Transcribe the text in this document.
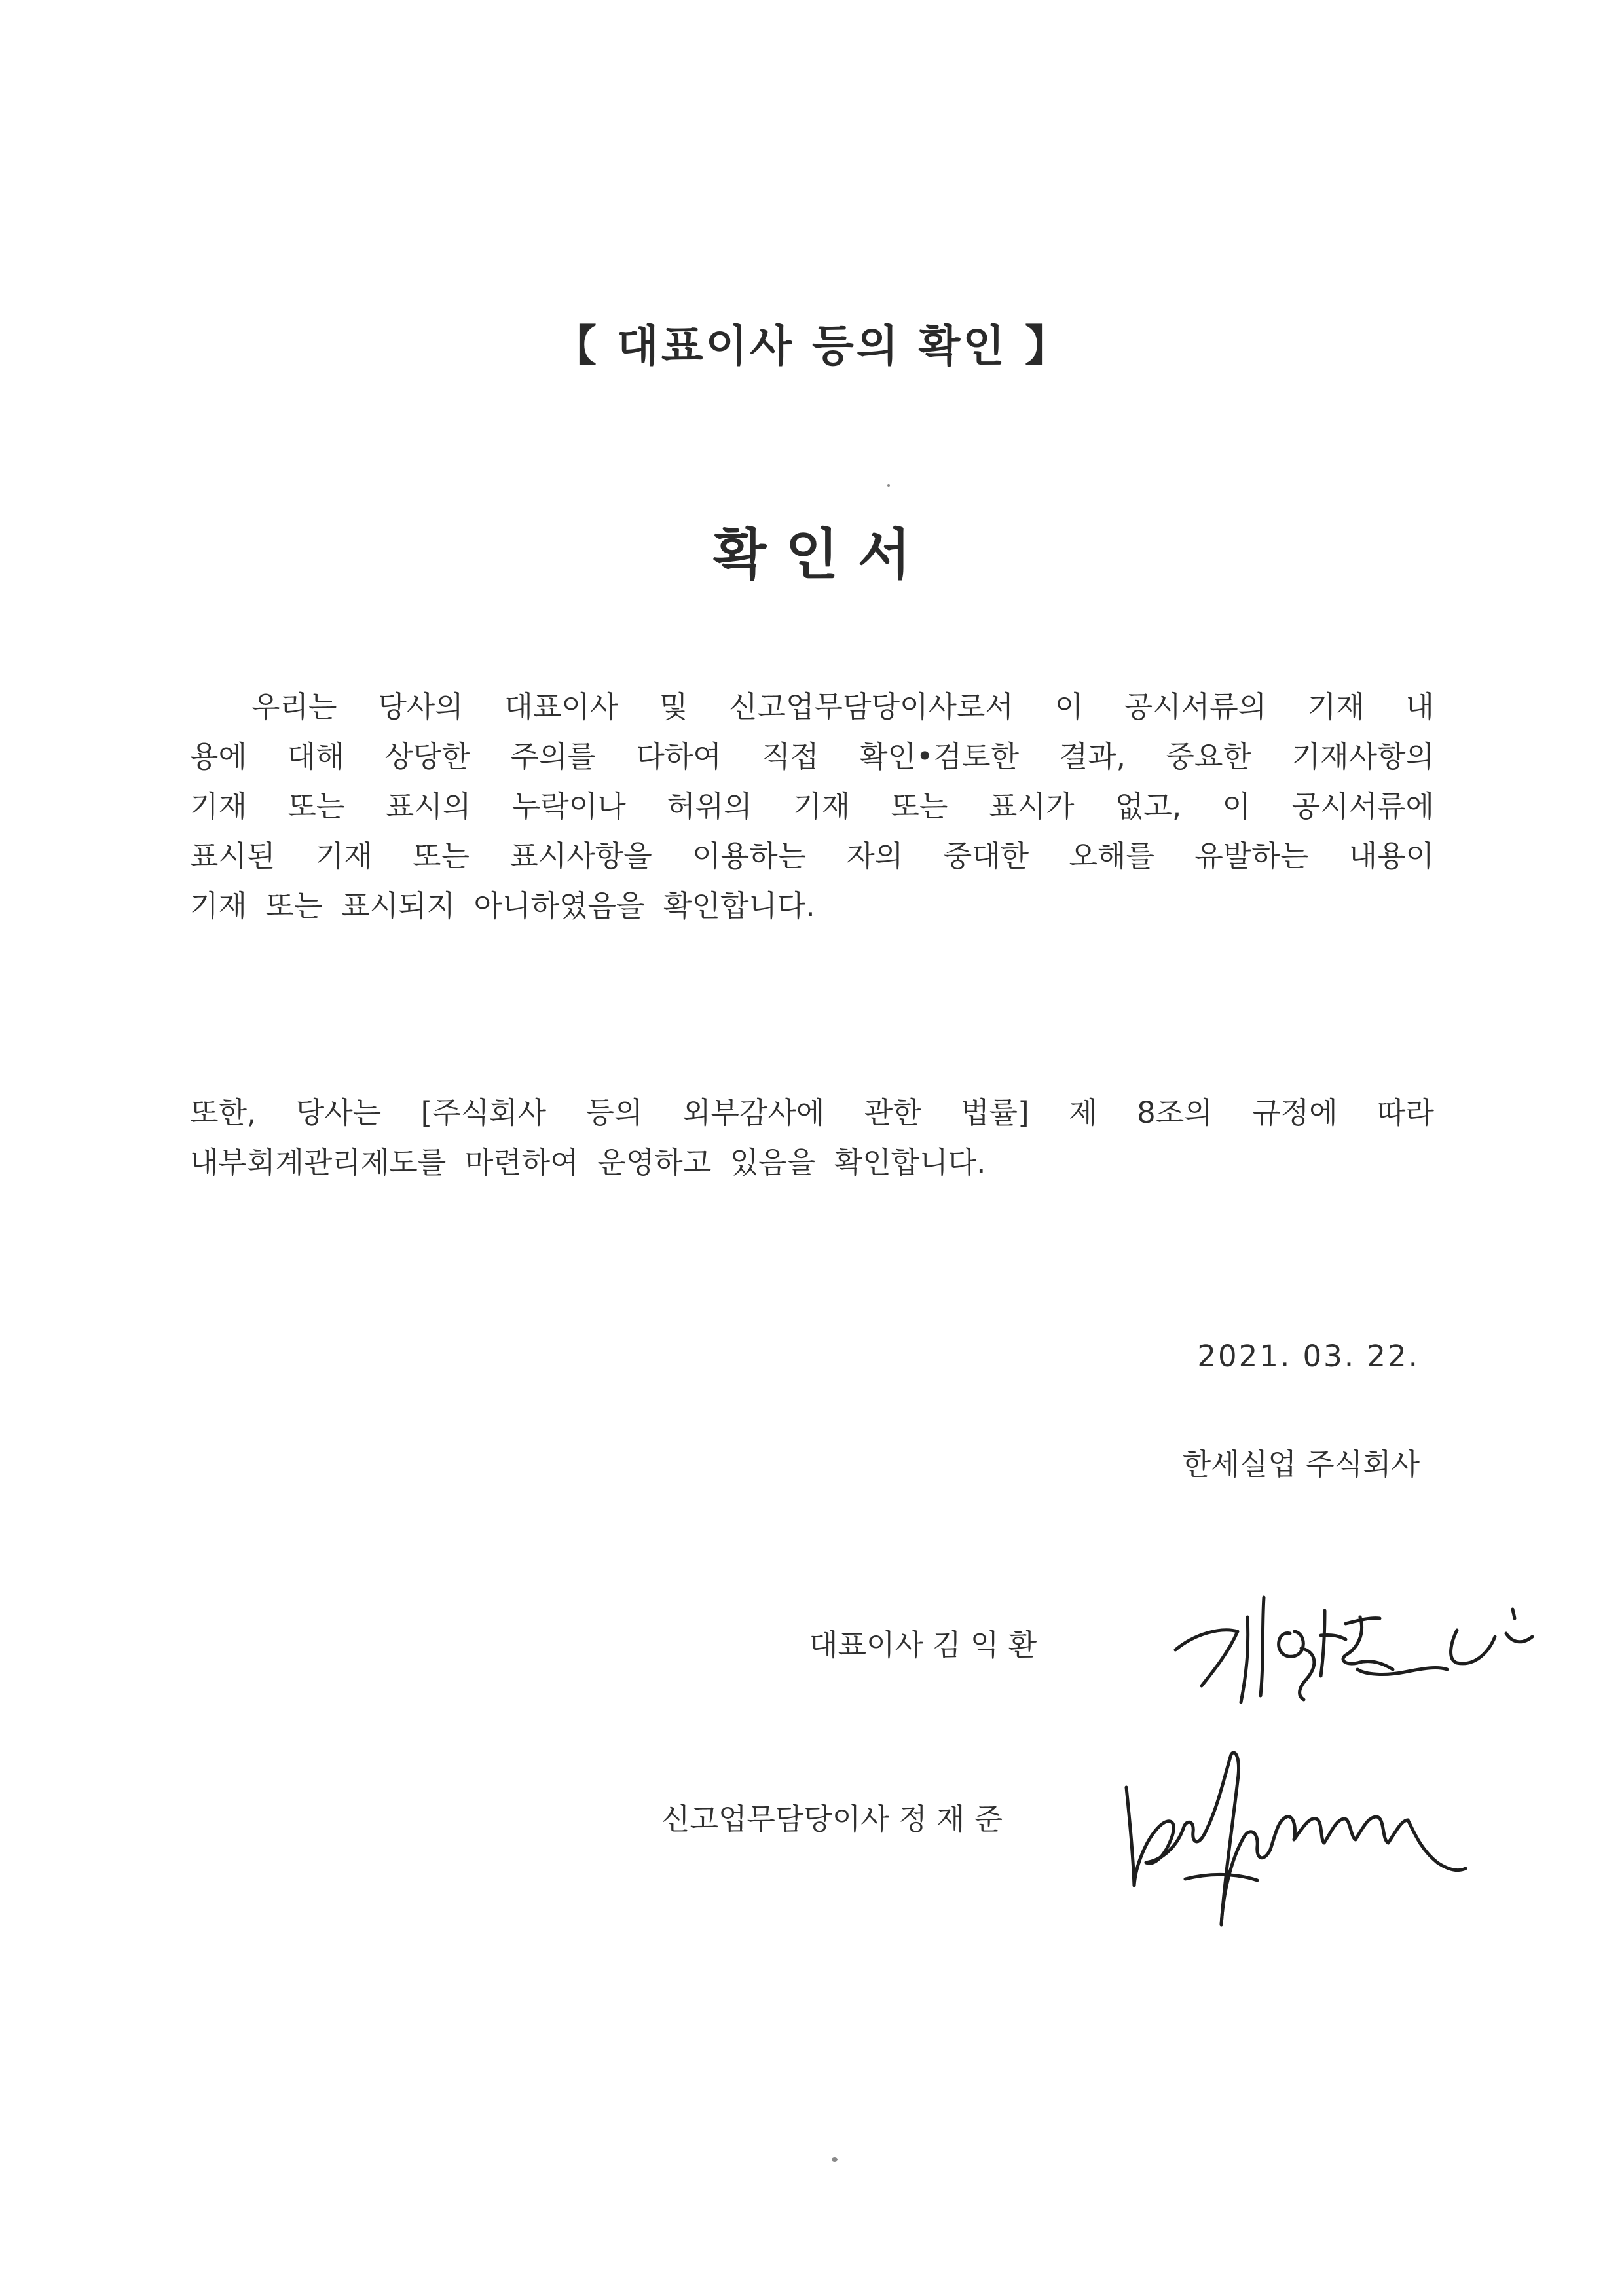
【 대표이사 등의 확인 】
확 인 서
우리는  당사의  대표이사  및  신고업무담당이사로서  이  공시서류의  기재  내
용에  대해  상당한  주의를  다하여  직접  확인•검토한  결과,  중요한  기재사항의
기재  또는  표시의  누락이나  허위의  기재  또는  표시가  없고,  이  공시서류에
표시된  기재  또는  표시사항을  이용하는  자의  중대한  오해를  유발하는  내용이
기재  또는  표시되지  아니하였음을  확인합니다.
또한,  당사는  [주식회사  등의  외부감사에  관한  법률]  제  8조의  규정에  따라
내부회계관리제도를  마련하여  운영하고  있음을  확인합니다.
2021. 03. 22.
한세실업 주식회사
대표이사 김 익 환
신고업무담당이사 정 재 준
